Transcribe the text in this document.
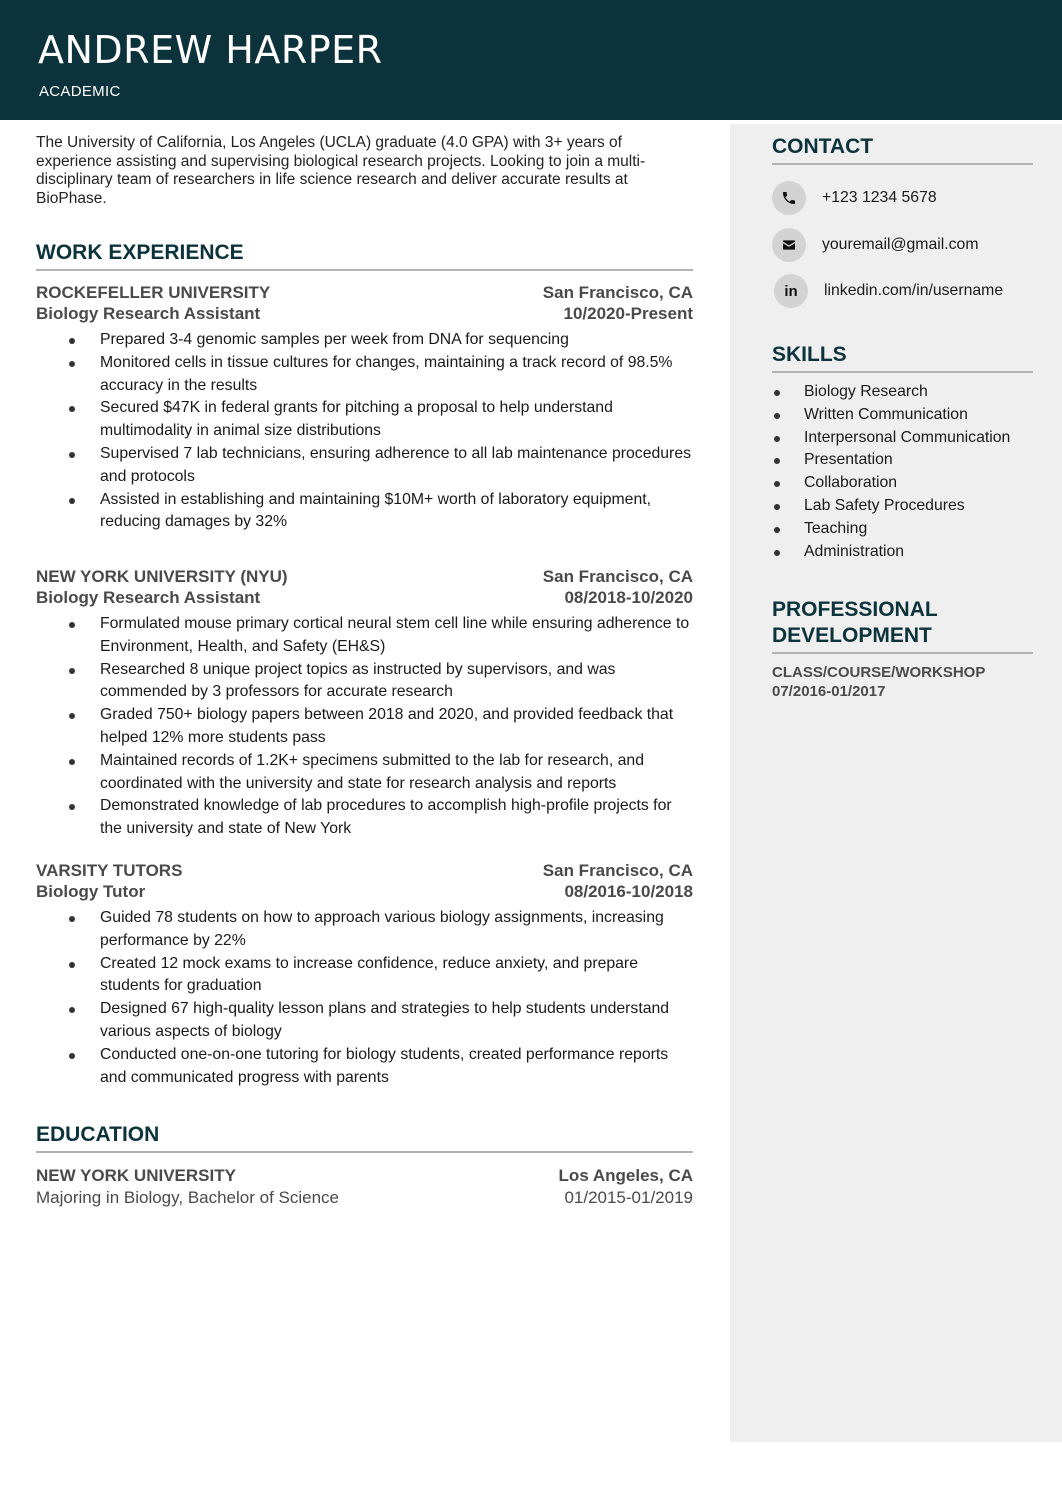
ANDREW HARPER
ACADEMIC

The University of California, Los Angeles (UCLA) graduate (4.0 GPA) with 3+ years of experience assisting and supervising biological research projects. Looking to join a multi-disciplinary team of researchers in life science research and deliver accurate results at BioPhase.

WORK EXPERIENCE
ROCKEFELLER UNIVERSITY	San Francisco, CA
Biology Research Assistant	10/2020-Present
Prepared 3-4 genomic samples per week from DNA for sequencing
Monitored cells in tissue cultures for changes, maintaining a track record of 98.5% accuracy in the results
Secured $47K in federal grants for pitching a proposal to help understand multimodality in animal size distributions
Supervised 7 lab technicians, ensuring adherence to all lab maintenance procedures and protocols
Assisted in establishing and maintaining $10M+ worth of laboratory equipment, reducing damages by 32%
NEW YORK UNIVERSITY (NYU)	San Francisco, CA
Biology Research Assistant	08/2018-10/2020
Formulated mouse primary cortical neural stem cell line while ensuring adherence to Environment, Health, and Safety (EH&S)
Researched 8 unique project topics as instructed by supervisors, and was commended by 3 professors for accurate research
Graded 750+ biology papers between 2018 and 2020, and provided feedback that helped 12% more students pass
Maintained records of 1.2K+ specimens submitted to the lab for research, and coordinated with the university and state for research analysis and reports
Demonstrated knowledge of lab procedures to accomplish high-profile projects for the university and state of New York
VARSITY TUTORS	San Francisco, CA
Biology Tutor	08/2016-10/2018
Guided 78 students on how to approach various biology assignments, increasing performance by 22%
Created 12 mock exams to increase confidence, reduce anxiety, and prepare students for graduation
Designed 67 high-quality lesson plans and strategies to help students understand various aspects of biology
Conducted one-on-one tutoring for biology students, created performance reports and communicated progress with parents
EDUCATION
NEW YORK UNIVERSITY	Los Angeles, CA
Majoring in Biology, Bachelor of Science	01/2015-01/2019
CONTACT
+123 1234 5678
youremail@gmail.com
in linkedin.com/in/username
SKILLS
Biology Research
Written Communication
Interpersonal Communication
Presentation
Collaboration
Lab Safety Procedures
Teaching
Administration
PROFESSIONAL
DEVELOPMENT
CLASS/COURSE/WORKSHOP
07/2016-01/2017
